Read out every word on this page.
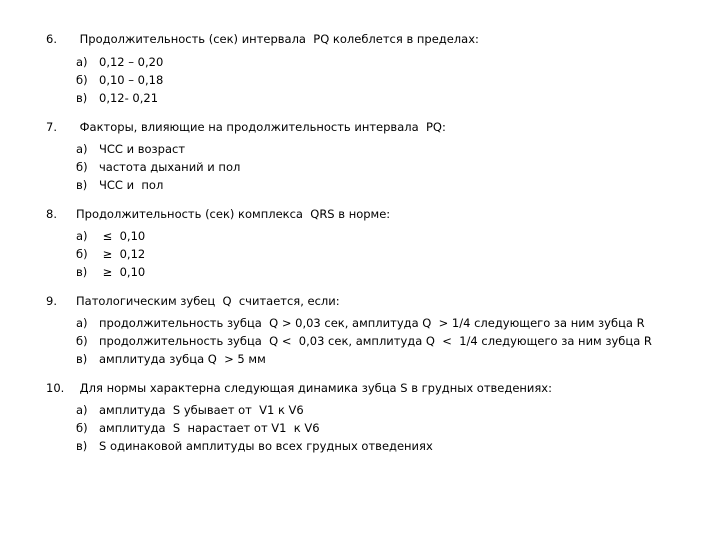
6. Продолжительность (сек) интервала  PQ колеблется в пределах:
а) 0,12 – 0,20
б) 0,10 – 0,18
в) 0,12- 0,21
7. Факторы, влияющие на продолжительность интервала  PQ:
а) ЧСС и возраст
б) частота дыханий и пол
в) ЧСС и  пол
8. Продолжительность (сек) комплекса  QRS в норме:
а) ≤  0,10
б) ≥  0,12
в) ≥  0,10
9. Патологическим зубец  Q  считается, если:
а) продолжительность зубца  Q > 0,03 сек, амплитуда Q  > 1/4 следующего за ним зубца R
б) продолжительность зубца  Q <  0,03 сек, амплитуда Q  <  1/4 следующего за ним зубца R
в) амплитуда зубца Q  > 5 мм
10. Для нормы характерна следующая динамика зубца S в грудных отведениях:
а) амплитуда  S убывает от  V1 к V6
б) амплитуда  S  нарастает от V1  к V6
в) S одинаковой амплитуды во всех грудных отведениях
